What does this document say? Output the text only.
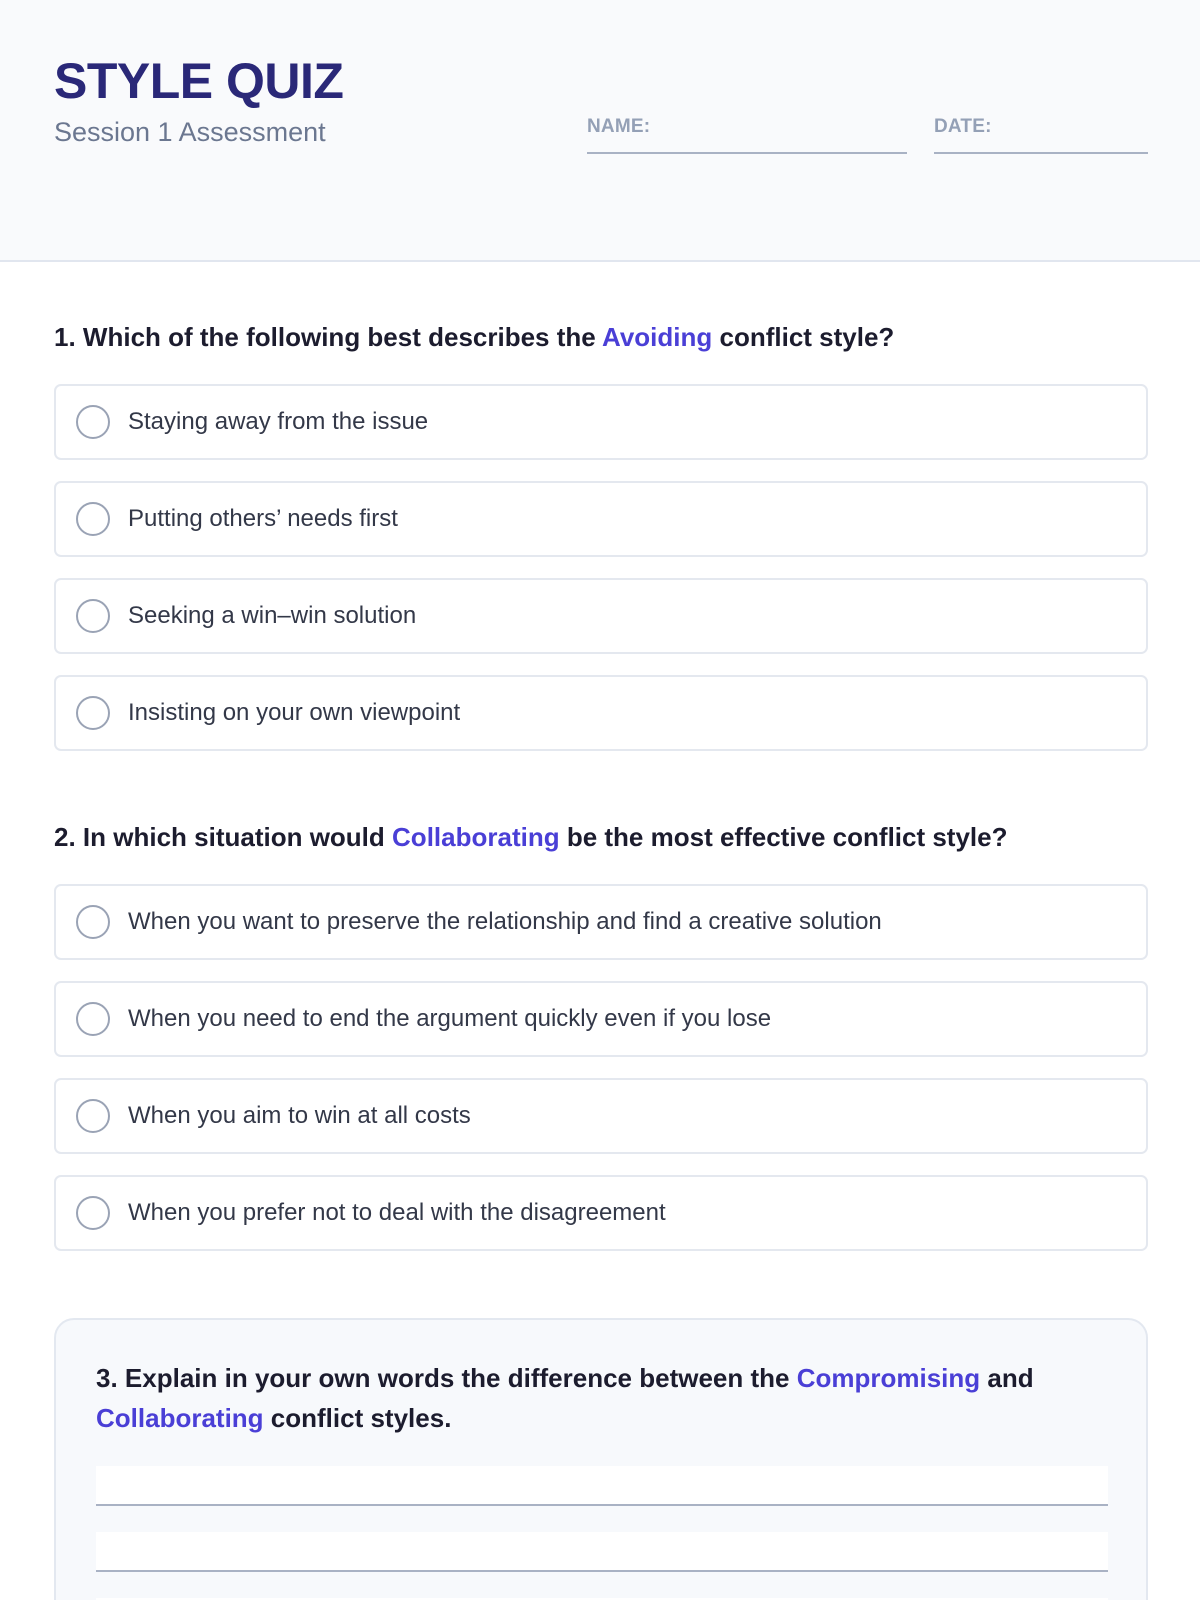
STYLE QUIZ
Session 1 Assessment	NAME:	DATE:
1. Which of the following best describes the Avoiding conflict style?
Staying away from the issue
Putting others’ needs first
Seeking a win–win solution
Insisting on your own viewpoint
2. In which situation would Collaborating be the most effective conflict style?
When you want to preserve the relationship and find a creative solution
When you need to end the argument quickly even if you lose
When you aim to win at all costs
When you prefer not to deal with the disagreement
3. Explain in your own words the difference between the Compromising and Collaborating conflict styles.
